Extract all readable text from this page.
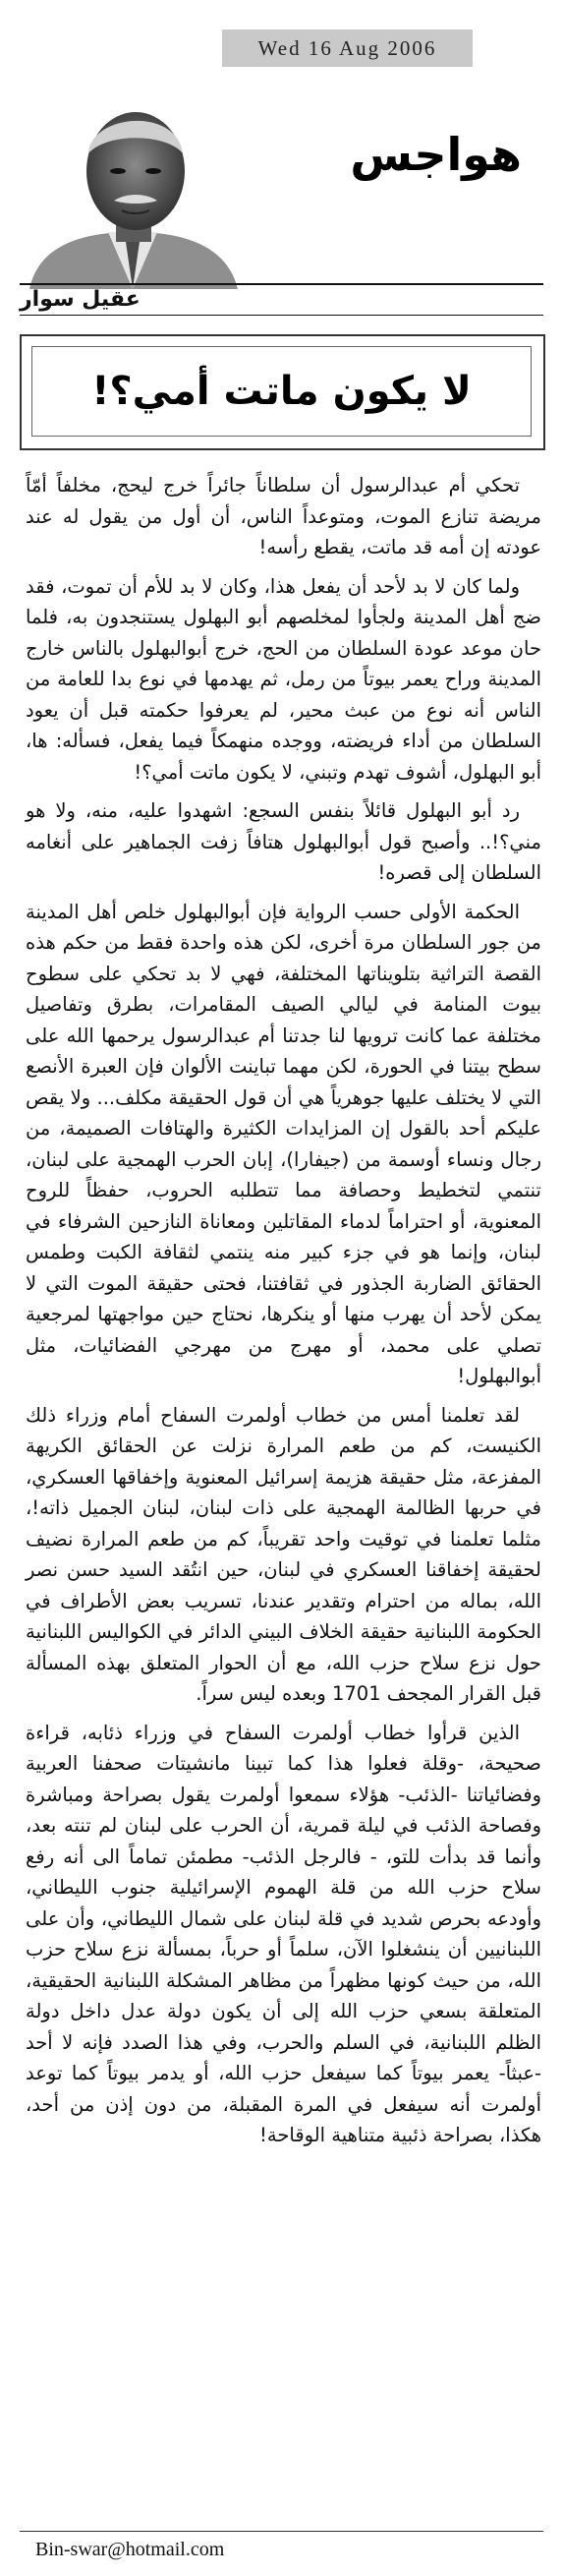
Wed 16 Aug 2006
هواجس
عقيل سوار
لا يكون ماتت أمي؟!

تحكي أم عبدالرسول أن سلطاناً جائراً خرج ليحج، مخلفاً أمّاً مريضة تنازع الموت، ومتوعداً الناس، أن أول من يقول له عند عودته إن أمه قد ماتت، يقطع رأسه!

ولما كان لا بد لأحد أن يفعل هذا، وكان لا بد للأم أن تموت، فقد ضج أهل المدينة ولجأوا لمخلصهم أبو البهلول يستنجدون به، فلما حان موعد عودة السلطان من الحج، خرج أبوالبهلول بالناس خارج المدينة وراح يعمر بيوتاً من رمل، ثم يهدمها في نوع بدا للعامة من الناس أنه نوع من عبث محير، لم يعرفوا حكمته قبل أن يعود السلطان من أداء فريضته، ووجده منهمكاً فيما يفعل، فسأله: ها، أبو البهلول، أشوف تهدم وتبني، لا يكون ماتت أمي؟!

رد أبو البهلول قائلاً بنفس السجع: اشهدوا عليه، منه، ولا هو مني؟!.. وأصبح قول أبوالبهلول هتافاً زفت الجماهير على أنغامه السلطان إلى قصره!

الحكمة الأولى حسب الرواية فإن أبوالبهلول خلص أهل المدينة من جور السلطان مرة أخرى، لكن هذه واحدة فقط من حكم هذه القصة التراثية بتلويناتها المختلفة، فهي لا بد تحكي على سطوح بيوت المنامة في ليالي الصيف المقامرات، بطرق وتفاصيل مختلفة عما كانت ترويها لنا جدتنا أم عبدالرسول يرحمها الله على سطح بيتنا في الحورة، لكن مهما تباينت الألوان فإن العبرة الأنصع التي لا يختلف عليها جوهرياً هي أن قول الحقيقة مكلف... ولا يقص عليكم أحد بالقول إن المزايدات الكثيرة والهتافات الصميمة، من رجال ونساء أوسمة من (جيفارا)، إبان الحرب الهمجية على لبنان، تنتمي لتخطيط وحصافة مما تتطلبه الحروب، حفظاً للروح المعنوية، أو احتراماً لدماء المقاتلين ومعاناة النازحين الشرفاء في لبنان، وإنما هو في جزء كبير منه ينتمي لثقافة الكبت وطمس الحقائق الضاربة الجذور في ثقافتنا، فحتى حقيقة الموت التي لا يمكن لأحد أن يهرب منها أو ينكرها، نحتاج حين مواجهتها لمرجعية تصلي على محمد، أو مهرج من مهرجي الفضائيات، مثل أبوالبهلول!

لقد تعلمنا أمس من خطاب أولمرت السفاح أمام وزراء ذلك الكنيست، كم من طعم المرارة نزلت عن الحقائق الكريهة المفزعة، مثل حقيقة هزيمة إسرائيل المعنوية وإخفاقها العسكري، في حربها الظالمة الهمجية على ذات لبنان، لبنان الجميل ذاته!، مثلما تعلمنا في توقيت واحد تقريباً، كم من طعم المرارة نضيف لحقيقة إخفاقنا العسكري في لبنان، حين انتُقد السيد حسن نصر الله، بماله من احترام وتقدير عندنا، تسريب بعض الأطراف في الحكومة اللبنانية حقيقة الخلاف البيني الدائر في الكواليس اللبنانية حول نزع سلاح حزب الله، مع أن الحوار المتعلق بهذه المسألة قبل القرار المجحف 1701 وبعده ليس سراً.

الذين قرأوا خطاب أولمرت السفاح في وزراء ذئابه، قراءة صحيحة، -وقلة فعلوا هذا كما تبينا مانشيتات صحفنا العربية وفضائياتنا -الذئب- هؤلاء سمعوا أولمرت يقول بصراحة ومباشرة وفصاحة الذئب في ليلة قمرية، أن الحرب على لبنان لم تنته بعد، وأنما قد بدأت للتو، - فالرجل الذئب- مطمئن تماماً الى أنه رفع سلاح حزب الله من قلة الهموم الإسرائيلية جنوب الليطاني، وأودعه بحرص شديد في قلة لبنان على شمال الليطاني، وأن على اللبنانيين أن ينشغلوا الآن، سلماً أو حرباً، بمسألة نزع سلاح حزب الله، من حيث كونها مظهراً من مظاهر المشكلة اللبنانية الحقيقية، المتعلقة بسعي حزب الله إلى أن يكون دولة عدل داخل دولة الظلم اللبنانية، في السلم والحرب، وفي هذا الصدد فإنه لا أحد -عبثاً- يعمر بيوتاً كما سيفعل حزب الله، أو يدمر بيوتاً كما توعد أولمرت أنه سيفعل في المرة المقبلة، من دون إذن من أحد، هكذا، بصراحة ذئبية متناهية الوقاحة!

Bin-swar@hotmail.com
